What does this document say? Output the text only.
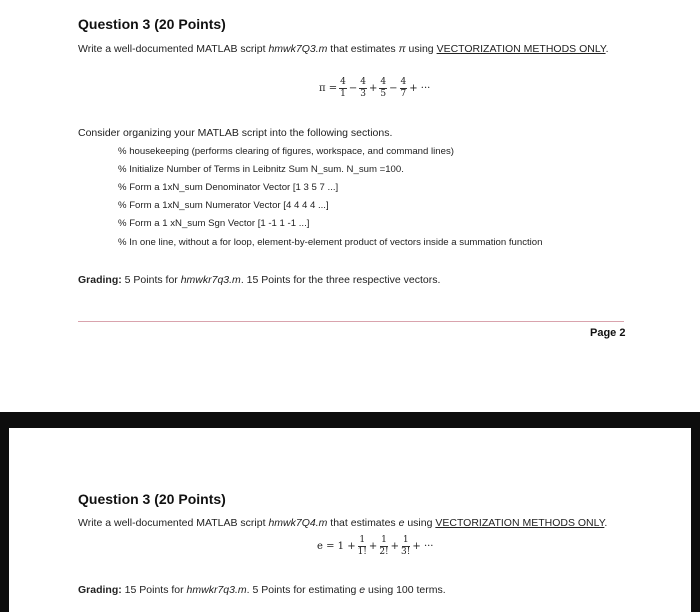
Question 3 (20 Points)
Write a well-documented MATLAB script hmwk7Q3.m that estimates π using VECTORIZATION METHODS ONLY.
$\pi = \frac{4}{1} - \frac{4}{3} + \frac{4}{5} - \frac{4}{7}$ + ···
Consider organizing your MATLAB script into the following sections.
% housekeeping (performs clearing of figures, workspace, and command lines)
% Initialize Number of Terms in Leibnitz Sum N_sum. N_sum =100.
% Form a 1xN_sum Denominator Vector [1 3 5 7 ...]
% Form a 1xN_sum Numerator Vector [4 4 4 4 ...]
% Form a 1 xN_sum Sgn Vector [1 -1 1 -1 ...]
% In one line, without a for loop, element-by-element product of vectors inside a summation function
Grading: 5 Points for hmwkr7q3.m. 15 Points for the three respective vectors.
Page 2
Question 3 (20 Points)
Write a well-documented MATLAB script hmwk7Q4.m that estimates e using VECTORIZATION METHODS ONLY.
$e = 1 + \frac{1}{1!} + \frac{1}{2!} + \frac{1}{3!}$ + ···
Grading: 15 Points for hmwkr7q3.m. 5 Points for estimating e using 100 terms.
